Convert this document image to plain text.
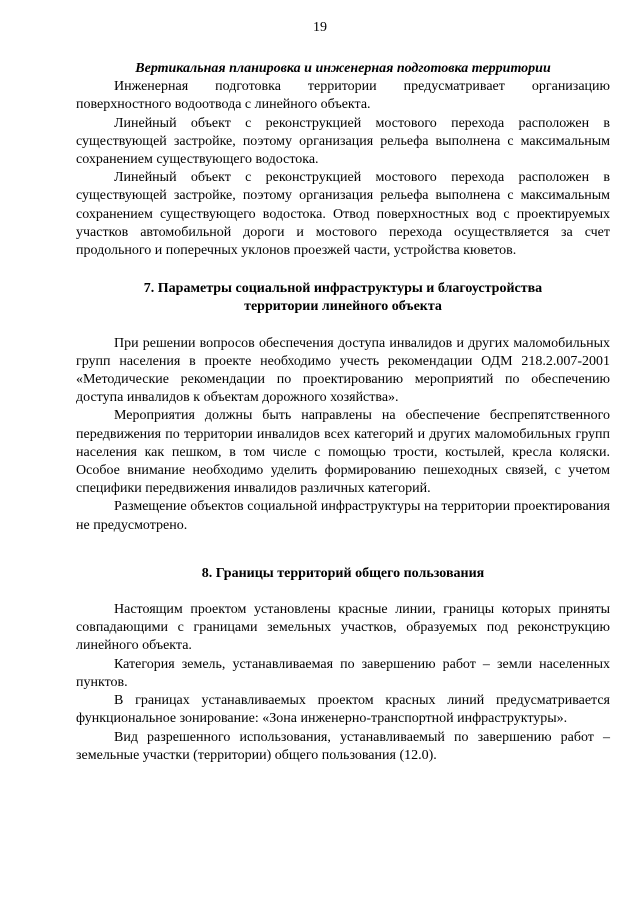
19

Вертикальная планировка и инженерная подготовка территории

Инженерная подготовка территории предусматривает организацию поверхностного водоотвода с линейного объекта.

Линейный объект с реконструкцией мостового перехода расположен в существующей застройке, поэтому организация рельефа выполнена с максимальным сохранением существующего водостока.

Линейный объект с реконструкцией мостового перехода расположен в существующей застройке, поэтому организация рельефа выполнена с максимальным сохранением существующего водостока. Отвод поверхностных вод с проектируемых участков автомобильной дороги и мостового перехода осуществляется за счет продольного и поперечных уклонов проезжей части, устройства кюветов.

7. Параметры социальной инфраструктуры и благоустройства

территории линейного объекта

При решении вопросов обеспечения доступа инвалидов и других маломобильных групп населения в проекте необходимо учесть рекомендации ОДМ 218.2.007-2001 «Методические рекомендации по проектированию мероприятий по обеспечению доступа инвалидов к объектам дорожного хозяйства».

Мероприятия должны быть направлены на обеспечение беспрепятственного передвижения по территории инвалидов всех категорий и других маломобильных групп населения как пешком, в том числе с помощью трости, костылей, кресла коляски. Особое внимание необходимо уделить формированию пешеходных связей, с учетом специфики передвижения инвалидов различных категорий.

Размещение объектов социальной инфраструктуры на территории проектирования не предусмотрено.

8. Границы территорий общего пользования

Настоящим проектом установлены красные линии, границы которых приняты совпадающими с границами земельных участков, образуемых под реконструкцию линейного объекта.

Категория земель, устанавливаемая по завершению работ – земли населенных пунктов.

В границах устанавливаемых проектом красных линий предусматривается функциональное зонирование: «Зона инженерно-транспортной инфраструктуры».

Вид разрешенного использования, устанавливаемый по завершению работ – земельные участки (территории) общего пользования (12.0).
